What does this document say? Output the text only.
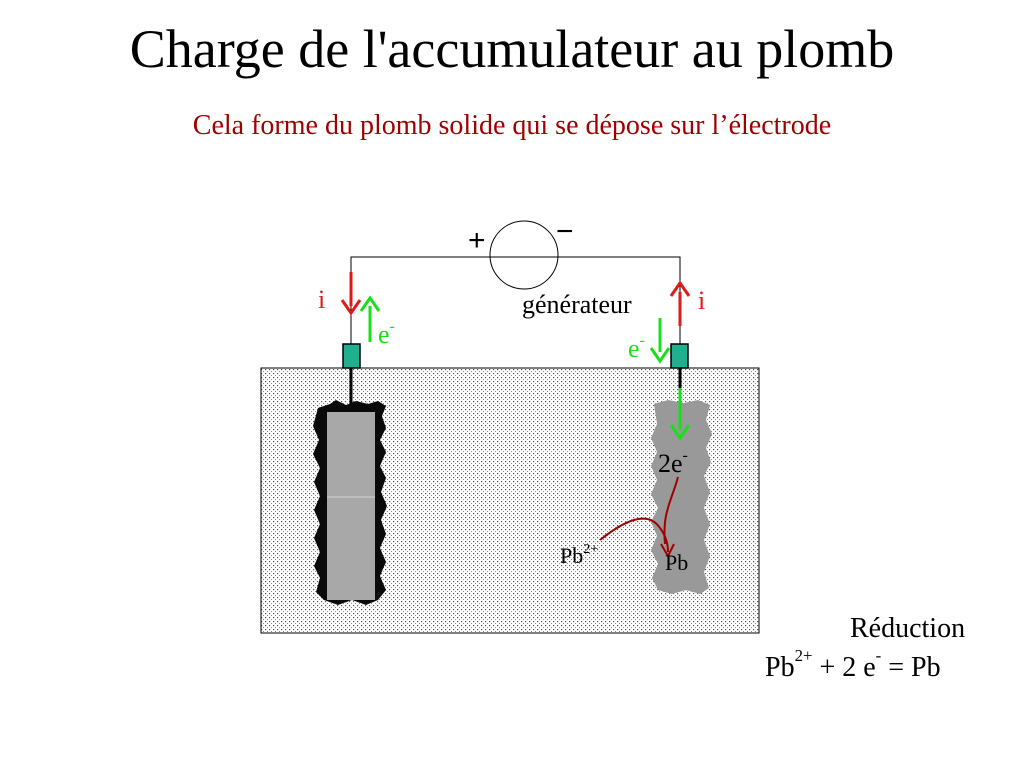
Charge de l'accumulateur au plomb
Cela forme du plomb solide qui se dépose sur l’électrode
+ −
générateur
i	i
e-
e-
2e-
$Pb^{2+}$
Pb
Réduction
$Pb^{2+} + 2$ e- = Pb
